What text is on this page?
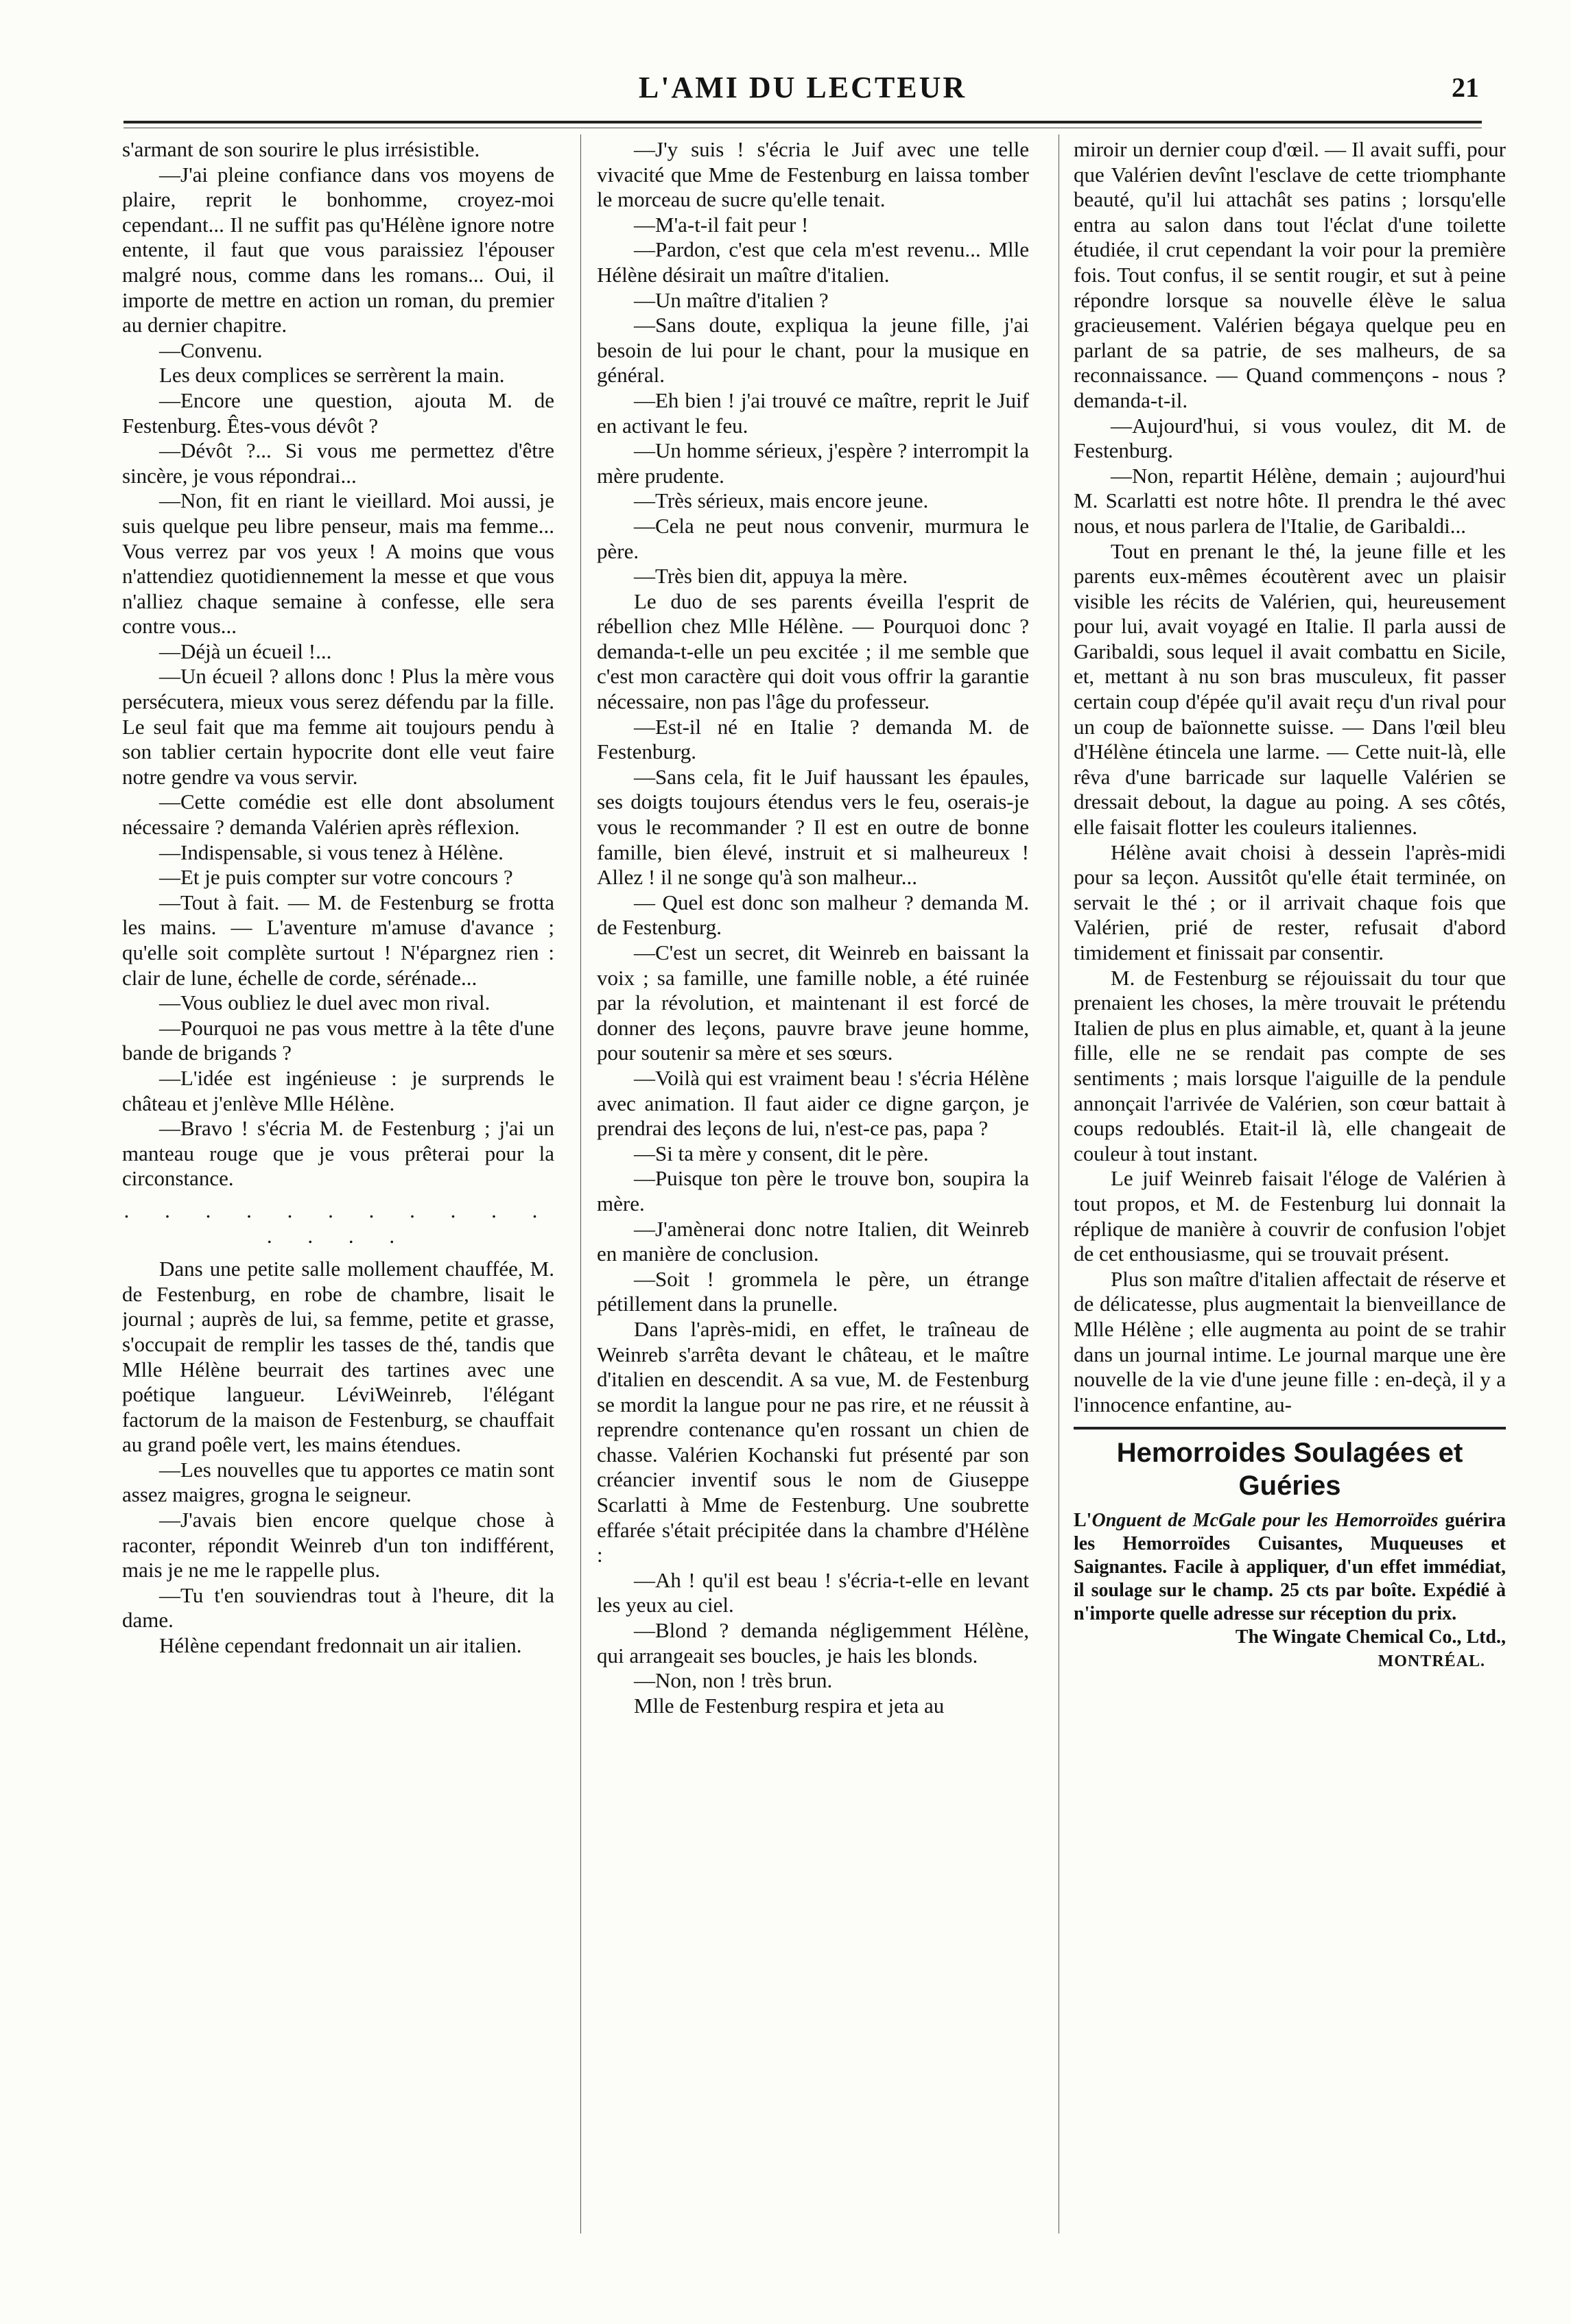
L'AMI DU LECTEUR	21

s'armant de son sourire le plus irrésistible.

—J'ai pleine confiance dans vos moyens de plaire, reprit le bonhomme, croyez-moi cependant... Il ne suffit pas qu'Hélène ignore notre entente, il faut que vous paraissiez l'épouser malgré nous, comme dans les romans... Oui, il importe de mettre en action un roman, du premier au dernier chapitre.

—Convenu.

Les deux complices se serrèrent la main.

—Encore une question, ajouta M. de Festenburg. Êtes-vous dévôt ?

—Dévôt ?... Si vous me permettez d'être sincère, je vous répondrai...

—Non, fit en riant le vieillard. Moi aussi, je suis quelque peu libre penseur, mais ma femme... Vous verrez par vos yeux ! A moins que vous n'attendiez quotidiennement la messe et que vous n'alliez chaque semaine à confesse, elle sera contre vous...

—Déjà un écueil !...

—Un écueil ? allons donc ! Plus la mère vous persécutera, mieux vous serez défendu par la fille. Le seul fait que ma femme ait toujours pendu à son tablier certain hypocrite dont elle veut faire notre gendre va vous servir.

—Cette comédie est elle dont absolument nécessaire ? demanda Valérien après réflexion.

—Indispensable, si vous tenez à Hélène.

—Et je puis compter sur votre concours ?

—Tout à fait. — M. de Festenburg se frotta les mains. — L'aventure m'amuse d'avance ; qu'elle soit complète surtout ! N'épargnez rien : clair de lune, échelle de corde, sérénade...

—Vous oubliez le duel avec mon rival.

—Pourquoi ne pas vous mettre à la tête d'une bande de brigands ?

—L'idée est ingénieuse : je surprends le château et j'enlève Mlle Hélène.

—Bravo ! s'écria M. de Festenburg ; j'ai un manteau rouge que je vous prêterai pour la circonstance.

. . . . . . . . . . . . . . .

Dans une petite salle mollement chauffée, M. de Festenburg, en robe de chambre, lisait le journal ; auprès de lui, sa femme, petite et grasse, s'occupait de remplir les tasses de thé, tandis que Mlle Hélène beurrait des tartines avec une poétique langueur. LéviWeinreb, l'élégant factorum de la maison de Festenburg, se chauffait au grand poêle vert, les mains étendues.

—Les nouvelles que tu apportes ce matin sont assez maigres, grogna le seigneur.

—J'avais bien encore quelque chose à raconter, répondit Weinreb d'un ton indifférent, mais je ne me le rappelle plus.

—Tu t'en souviendras tout à l'heure, dit la dame.

Hélène cependant fredonnait un air italien.

—J'y suis ! s'écria le Juif avec une telle vivacité que Mme de Festenburg en laissa tomber le morceau de sucre qu'elle tenait.

—M'a-t-il fait peur !

—Pardon, c'est que cela m'est revenu... Mlle Hélène désirait un maître d'italien.

—Un maître d'italien ?

—Sans doute, expliqua la jeune fille, j'ai besoin de lui pour le chant, pour la musique en général.

—Eh bien ! j'ai trouvé ce maître, reprit le Juif en activant le feu.

—Un homme sérieux, j'espère ? interrompit la mère prudente.

—Très sérieux, mais encore jeune.

—Cela ne peut nous convenir, murmura le père.

—Très bien dit, appuya la mère.

Le duo de ses parents éveilla l'esprit de rébellion chez Mlle Hélène. — Pourquoi donc ? demanda-t-elle un peu excitée ; il me semble que c'est mon caractère qui doit vous offrir la garantie nécessaire, non pas l'âge du professeur.

—Est-il né en Italie ? demanda M. de Festenburg.

—Sans cela, fit le Juif haussant les épaules, ses doigts toujours étendus vers le feu, oserais-je vous le recommander ? Il est en outre de bonne famille, bien élevé, instruit et si malheureux ! Allez ! il ne songe qu'à son malheur...

— Quel est donc son malheur ? demanda M. de Festenburg.

—C'est un secret, dit Weinreb en baissant la voix ; sa famille, une famille noble, a été ruinée par la révolution, et maintenant il est forcé de donner des leçons, pauvre brave jeune homme, pour soutenir sa mère et ses sœurs.

—Voilà qui est vraiment beau ! s'écria Hélène avec animation. Il faut aider ce digne garçon, je prendrai des leçons de lui, n'est-ce pas, papa ?

—Si ta mère y consent, dit le père.

—Puisque ton père le trouve bon, soupira la mère.

—J'amènerai donc notre Italien, dit Weinreb en manière de conclusion.

—Soit ! grommela le père, un étrange pétillement dans la prunelle.

Dans l'après-midi, en effet, le traîneau de Weinreb s'arrêta devant le château, et le maître d'italien en descendit. A sa vue, M. de Festenburg se mordit la langue pour ne pas rire, et ne réussit à reprendre contenance qu'en rossant un chien de chasse. Valérien Kochanski fut présenté par son créancier inventif sous le nom de Giuseppe Scarlatti à Mme de Festenburg. Une soubrette effarée s'était précipitée dans la chambre d'Hélène :

—Ah ! qu'il est beau ! s'écria-t-elle en levant les yeux au ciel.

—Blond ? demanda négligemment Hélène, qui arrangeait ses boucles, je hais les blonds.

—Non, non ! très brun.

Mlle de Festenburg respira et jeta au

miroir un dernier coup d'œil. — Il avait suffi, pour que Valérien devînt l'esclave de cette triomphante beauté, qu'il lui attachât ses patins ; lorsqu'elle entra au salon dans tout l'éclat d'une toilette étudiée, il crut cependant la voir pour la première fois. Tout confus, il se sentit rougir, et sut à peine répondre lorsque sa nouvelle élève le salua gracieusement. Valérien bégaya quelque peu en parlant de sa patrie, de ses malheurs, de sa reconnaissance. — Quand commençons - nous ? demanda-t-il.

—Aujourd'hui, si vous voulez, dit M. de Festenburg.

—Non, repartit Hélène, demain ; aujourd'hui M. Scarlatti est notre hôte. Il prendra le thé avec nous, et nous parlera de l'Italie, de Garibaldi...

Tout en prenant le thé, la jeune fille et les parents eux-mêmes écoutèrent avec un plaisir visible les récits de Valérien, qui, heureusement pour lui, avait voyagé en Italie. Il parla aussi de Garibaldi, sous lequel il avait combattu en Sicile, et, mettant à nu son bras musculeux, fit passer certain coup d'épée qu'il avait reçu d'un rival pour un coup de baïonnette suisse. — Dans l'œil bleu d'Hélène étincela une larme. — Cette nuit-là, elle rêva d'une barricade sur laquelle Valérien se dressait debout, la dague au poing. A ses côtés, elle faisait flotter les couleurs italiennes.

Hélène avait choisi à dessein l'après-midi pour sa leçon. Aussitôt qu'elle était terminée, on servait le thé ; or il arrivait chaque fois que Valérien, prié de rester, refusait d'abord timidement et finissait par consentir.

M. de Festenburg se réjouissait du tour que prenaient les choses, la mère trouvait le prétendu Italien de plus en plus aimable, et, quant à la jeune fille, elle ne se rendait pas compte de ses sentiments ; mais lorsque l'aiguille de la pendule annonçait l'arrivée de Valérien, son cœur battait à coups redoublés. Etait-il là, elle changeait de couleur à tout instant.

Le juif Weinreb faisait l'éloge de Valérien à tout propos, et M. de Festenburg lui donnait la réplique de manière à couvrir de confusion l'objet de cet enthousiasme, qui se trouvait présent.

Plus son maître d'italien affectait de réserve et de délicatesse, plus augmentait la bienveillance de Mlle Hélène ; elle augmenta au point de se trahir dans un journal intime. Le journal marque une ère nouvelle de la vie d'une jeune fille : en-deçà, il y a l'innocence enfantine, au-

Hemorroides Soulagées et Guéries

L'Onguent de McGale pour les Hemorroïdes guérira les Hemorroïdes Cuisantes, Muqueuses et Saignantes. Facile à appliquer, d'un effet immédiat, il soulage sur le champ. 25 cts par boîte. Expédié à n'importe quelle adresse sur réception du prix.

The Wingate Chemical Co., Ltd.,

MONTRÉAL.
